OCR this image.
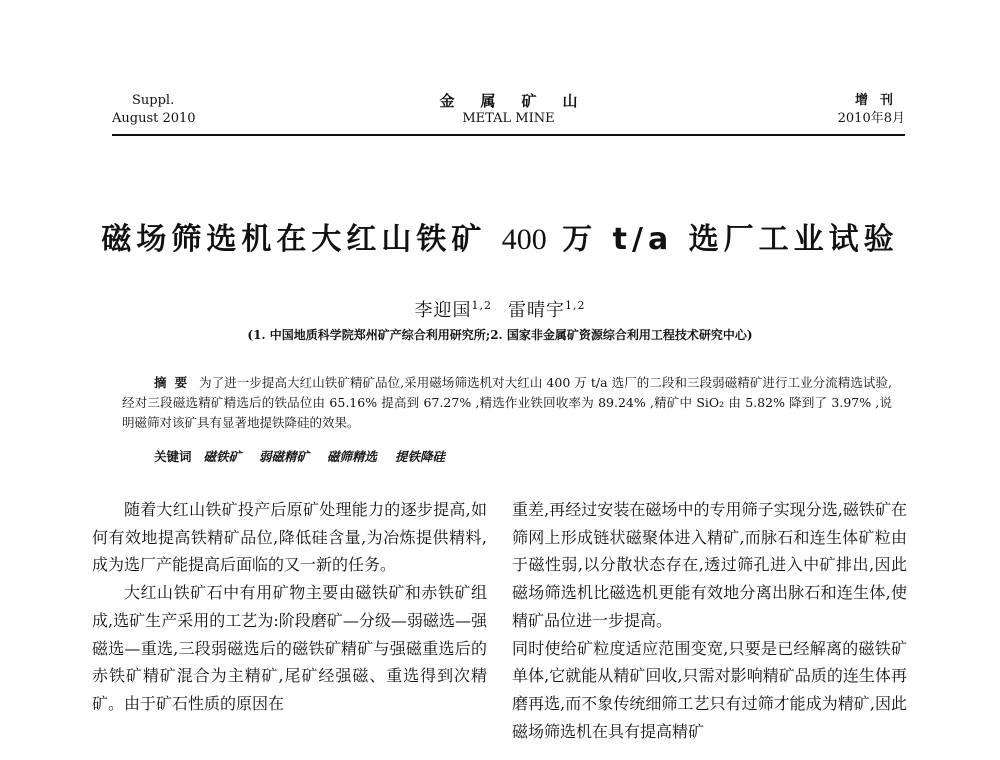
Suppl.
August 2010
金属矿山
METAL MINE
增刊
2010年8月
磁场筛选机在大红山铁矿 400 万 t/a 选厂工业试验
李迎国$^{1,2}$ 雷晴宇$^{1,2}$
(1. 中国地质科学院郑州矿产综合利用研究所;2. 国家非金属矿资源综合利用工程技术研究中心)
摘要 为了进一步提高大红山铁矿精矿品位,采用磁场筛选机对大红山 400 万 t/a 选厂的二段和三段弱磁精矿进行工业分流精选试验,经对三段磁选精矿精选后的铁品位由 65.16% 提高到 67.27% ,精选作业铁回收率为 89.24% ,精矿中 SiO₂ 由 5.82% 降到了 3.97% ,说明磁筛对该矿具有显著地提铁降硅的效果。
关键词 磁铁矿 弱磁精矿 磁筛精选 提铁降硅

随着大红山铁矿投产后原矿处理能力的逐步提高,如何有效地提高铁精矿品位,降低硅含量,为冶炼提供精料,成为选厂产能提高后面临的又一新的任务。

大红山铁矿石中有用矿物主要由磁铁矿和赤铁矿组成,选矿生产采用的工艺为:阶段磨矿—分级—弱磁选—强磁选—重选,三段弱磁选后的磁铁矿精矿与强磁重选后的赤铁矿精矿混合为主精矿,尾矿经强磁、重选得到次精矿。由于矿石性质的原因在

重差,再经过安装在磁场中的专用筛子实现分选,磁铁矿在筛网上形成链状磁聚体进入精矿,而脉石和连生体矿粒由于磁性弱,以分散状态存在,透过筛孔进入中矿排出,因此磁场筛选机比磁选机更能有效地分离出脉石和连生体,使精矿品位进一步提高。

同时使给矿粒度适应范围变宽,只要是已经解离的磁铁矿单体,它就能从精矿回收,只需对影响精矿品质的连生体再磨再选,而不象传统细筛工艺只有过筛才能成为精矿,因此磁场筛选机在具有提高精矿
